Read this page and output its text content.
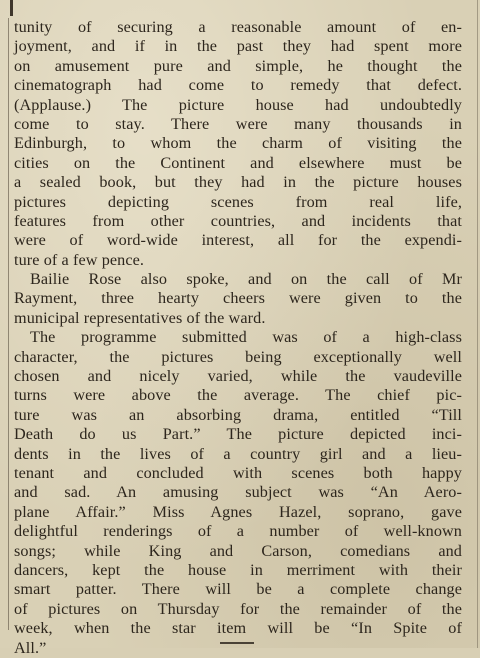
tunity of securing a reasonable amount of en-
joyment, and if in the past they had spent more
on amusement pure and simple, he thought the
cinematograph had come to remedy that defect.
(Applause.) The picture house had undoubtedly
come to stay. There were many thousands in
Edinburgh, to whom the charm of visiting the
cities on the Continent and elsewhere must be
a sealed book, but they had in the picture houses
pictures depicting scenes from real life,
features from other countries, and incidents that
were of word-wide interest, all for the expendi-
ture of a few pence.
Bailie Rose also spoke, and on the call of Mr
Rayment, three hearty cheers were given to the
municipal representatives of the ward.
The programme submitted was of a high-class
character, the pictures being exceptionally well
chosen and nicely varied, while the vaudeville
turns were above the average. The chief pic-
ture was an absorbing drama, entitled “Till
Death do us Part.” The picture depicted inci-
dents in the lives of a country girl and a lieu-
tenant and concluded with scenes both happy
and sad. An amusing subject was “An Aero-
plane Affair.” Miss Agnes Hazel, soprano, gave
delightful renderings of a number of well-known
songs; while King and Carson, comedians and
dancers, kept the house in merriment with their
smart patter. There will be a complete change
of pictures on Thursday for the remainder of the
week, when the star item will be “In Spite of
All.”
